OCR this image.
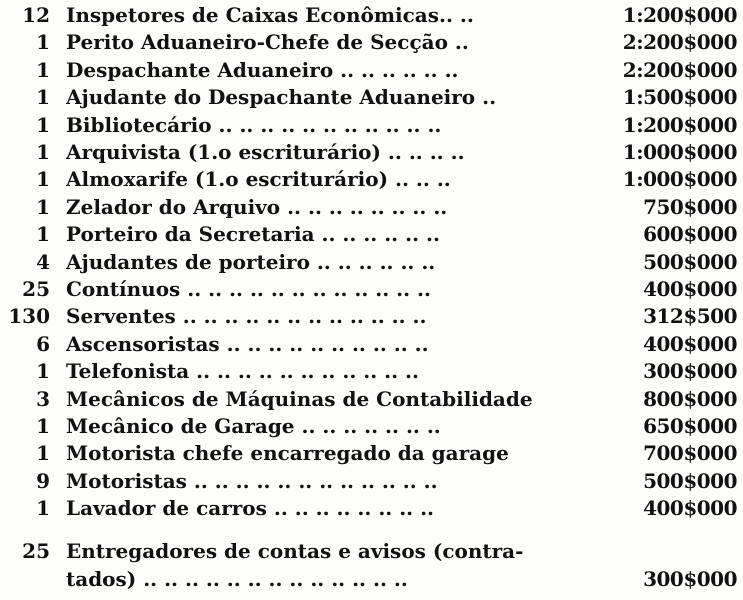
12 Inspetores de Caixas Econômicas.. ..	1:200$000
1 Perito Aduaneiro-Chefe de Secção ..	2:200$000
1 Despachante Aduaneiro .. .. .. .. .. ..	2:200$000
1 Ajudante do Despachante Aduaneiro ..	1:500$000
1 Bibliotecário .. .. .. .. .. .. .. .. .. .. ..	1:200$000
1 Arquivista (1.o escriturário) .. .. .. ..	1:000$000
1 Almoxarife (1.o escriturário) .. .. ..	1:000$000
1 Zelador do Arquivo .. .. .. .. .. .. .. ..	750$000
1 Porteiro da Secretaria .. .. .. .. .. ..	600$000
4 Ajudantes de porteiro .. .. .. .. .. ..	500$000
25 Contínuos .. .. .. .. .. .. .. .. .. .. .. ..	400$000
130 Serventes .. .. .. .. .. .. .. .. .. .. .. ..	312$500
6 Ascensoristas .. .. .. .. .. .. .. .. .. ..	400$000
1 Telefonista .. .. .. .. .. .. .. .. .. .. ..	300$000
3 Mecânicos de Máquinas de Contabilidade	800$000
1 Mecânico de Garage .. .. .. .. .. .. ..	650$000
1 Motorista chefe encarregado da garage	700$000
9 Motoristas .. .. .. .. .. .. .. .. .. .. .. ..	500$000
1 Lavador de carros .. .. .. .. .. .. .. ..	400$000
25 Entregadores de contas e avisos (contra-
tados) .. .. .. .. .. .. .. .. .. .. .. .. ..	300$000
